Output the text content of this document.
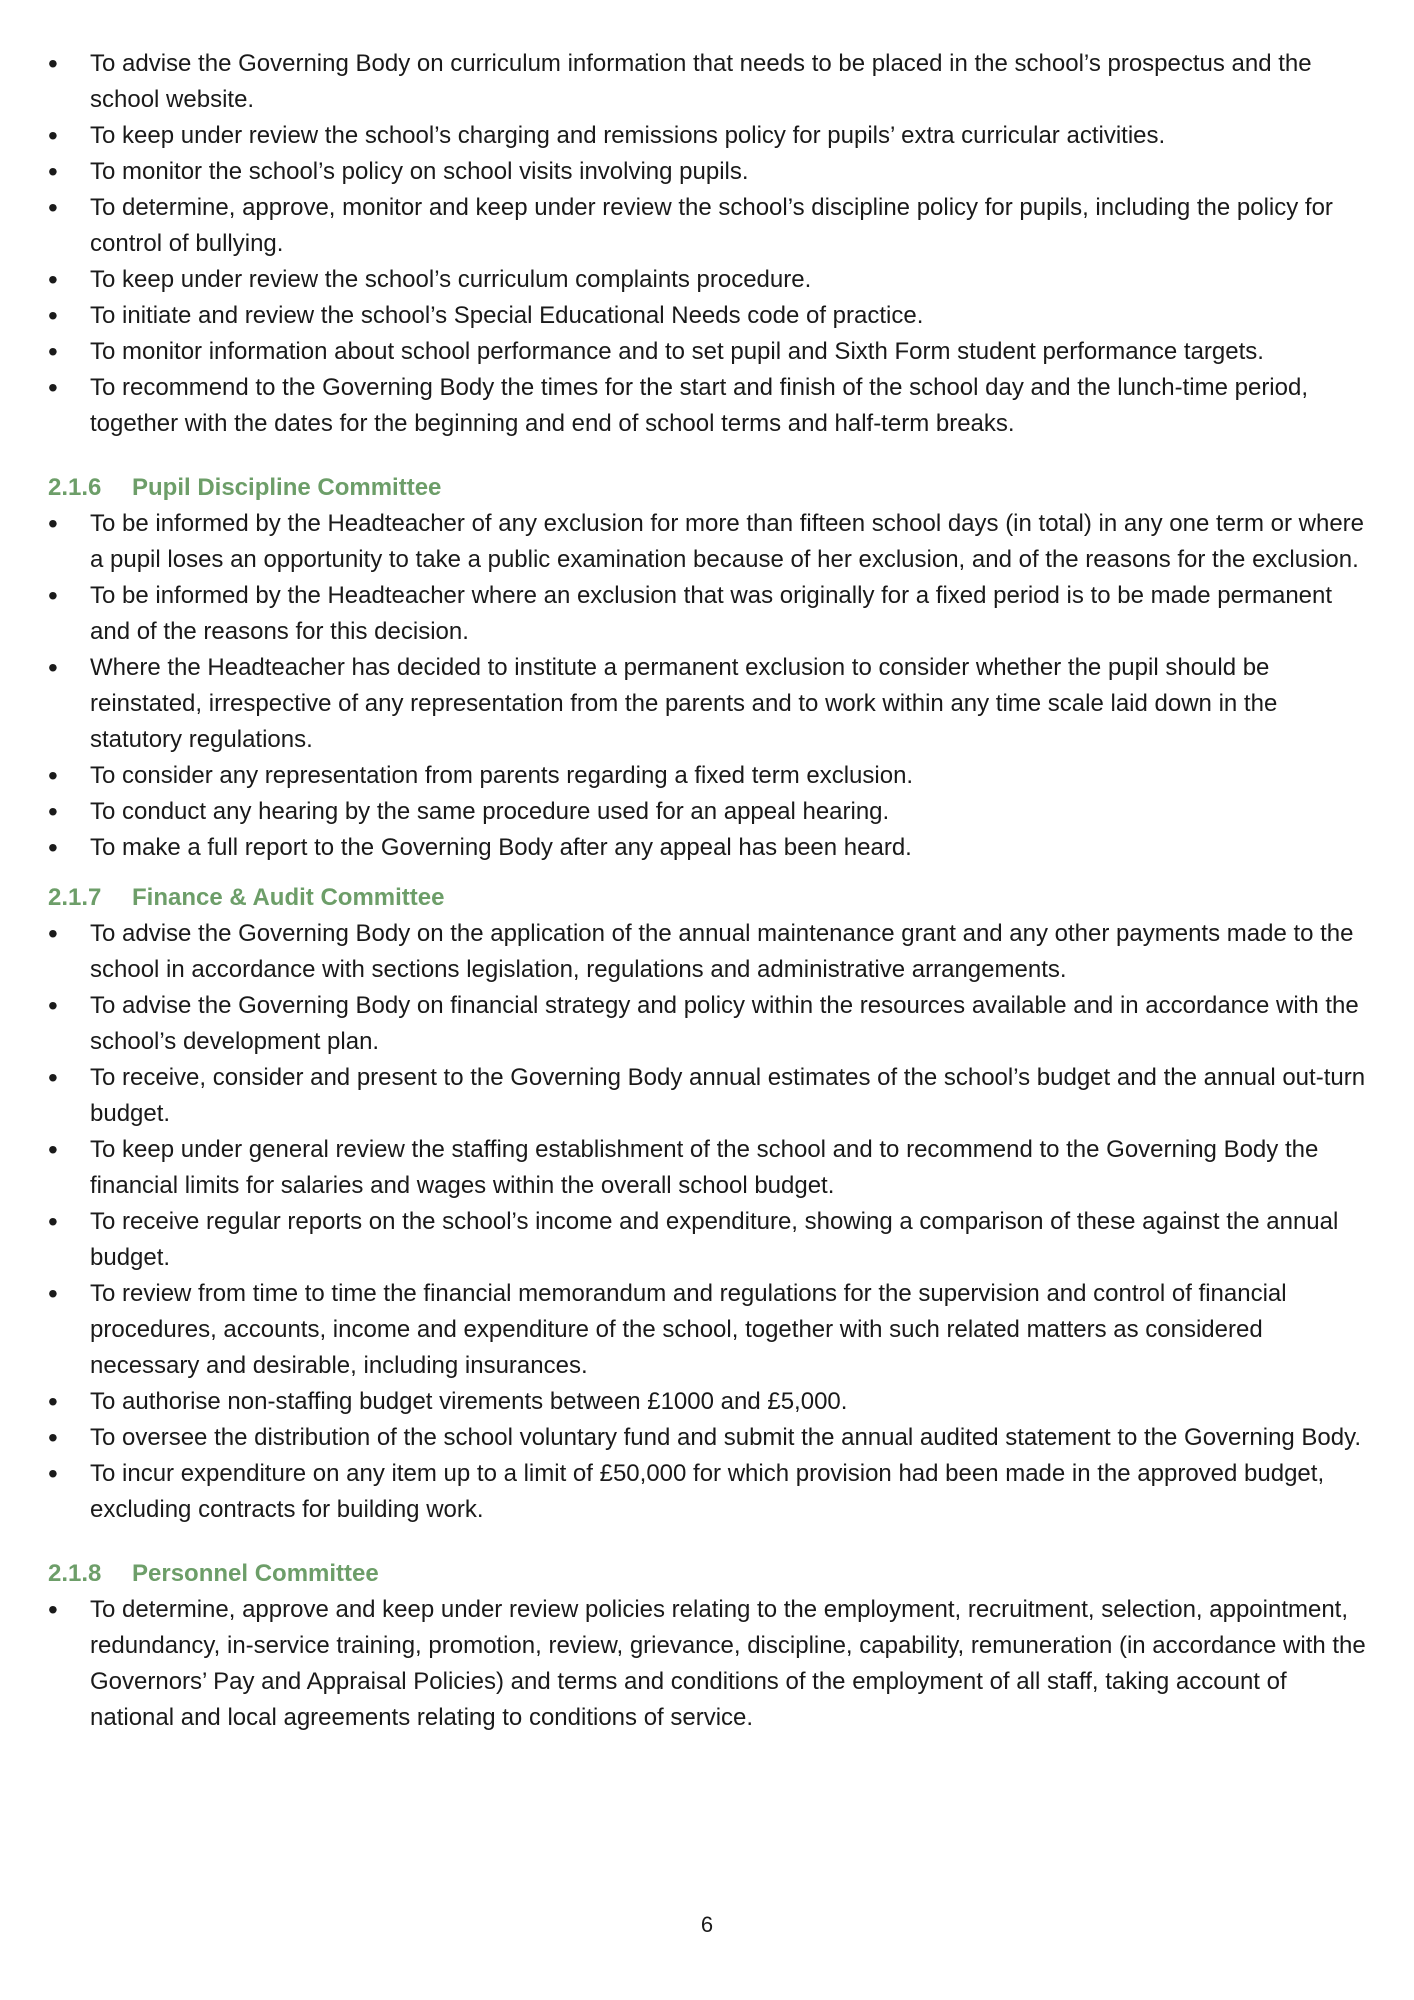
• To advise the Governing Body on curriculum information that needs to be placed in the school’s prospectus and the school website.
• To keep under review the school’s charging and remissions policy for pupils’ extra curricular activities.
• To monitor the school’s policy on school visits involving pupils.
• To determine, approve, monitor and keep under review the school’s discipline policy for pupils, including the policy for control of bullying.
• To keep under review the school’s curriculum complaints procedure.
• To initiate and review the school’s Special Educational Needs code of practice.
• To monitor information about school performance and to set pupil and Sixth Form student performance targets.
• To recommend to the Governing Body the times for the start and finish of the school day and the lunch-time period, together with the dates for the beginning and end of school terms and half-term breaks.
2.1.6 Pupil Discipline Committee
• To be informed by the Headteacher of any exclusion for more than fifteen school days (in total) in any one term or where a pupil loses an opportunity to take a public examination because of her exclusion, and of the reasons for the exclusion.
• To be informed by the Headteacher where an exclusion that was originally for a fixed period is to be made permanent and of the reasons for this decision.
• Where the Headteacher has decided to institute a permanent exclusion to consider whether the pupil should be reinstated, irrespective of any representation from the parents and to work within any time scale laid down in the statutory regulations.
• To consider any representation from parents regarding a fixed term exclusion.
• To conduct any hearing by the same procedure used for an appeal hearing.
• To make a full report to the Governing Body after any appeal has been heard.
2.1.7 Finance & Audit Committee
• To advise the Governing Body on the application of the annual maintenance grant and any other payments made to the school in accordance with sections legislation, regulations and administrative arrangements.
• To advise the Governing Body on financial strategy and policy within the resources available and in accordance with the school’s development plan.
• To receive, consider and present to the Governing Body annual estimates of the school’s budget and the annual out-turn budget.
• To keep under general review the staffing establishment of the school and to recommend to the Governing Body the financial limits for salaries and wages within the overall school budget.
• To receive regular reports on the school’s income and expenditure, showing a comparison of these against the annual budget.
• To review from time to time the financial memorandum and regulations for the supervision and control of financial procedures, accounts, income and expenditure of the school, together with such related matters as considered necessary and desirable, including insurances.
• To authorise non-staffing budget virements between £1000 and £5,000.
• To oversee the distribution of the school voluntary fund and submit the annual audited statement to the Governing Body.
• To incur expenditure on any item up to a limit of £50,000 for which provision had been made in the approved budget, excluding contracts for building work.
2.1.8 Personnel Committee
• To determine, approve and keep under review policies relating to the employment, recruitment, selection, appointment, redundancy, in-service training, promotion, review, grievance, discipline, capability, remuneration (in accordance with the Governors’ Pay and Appraisal Policies) and terms and conditions of the employment of all staff, taking account of national and local agreements relating to conditions of service.
6
